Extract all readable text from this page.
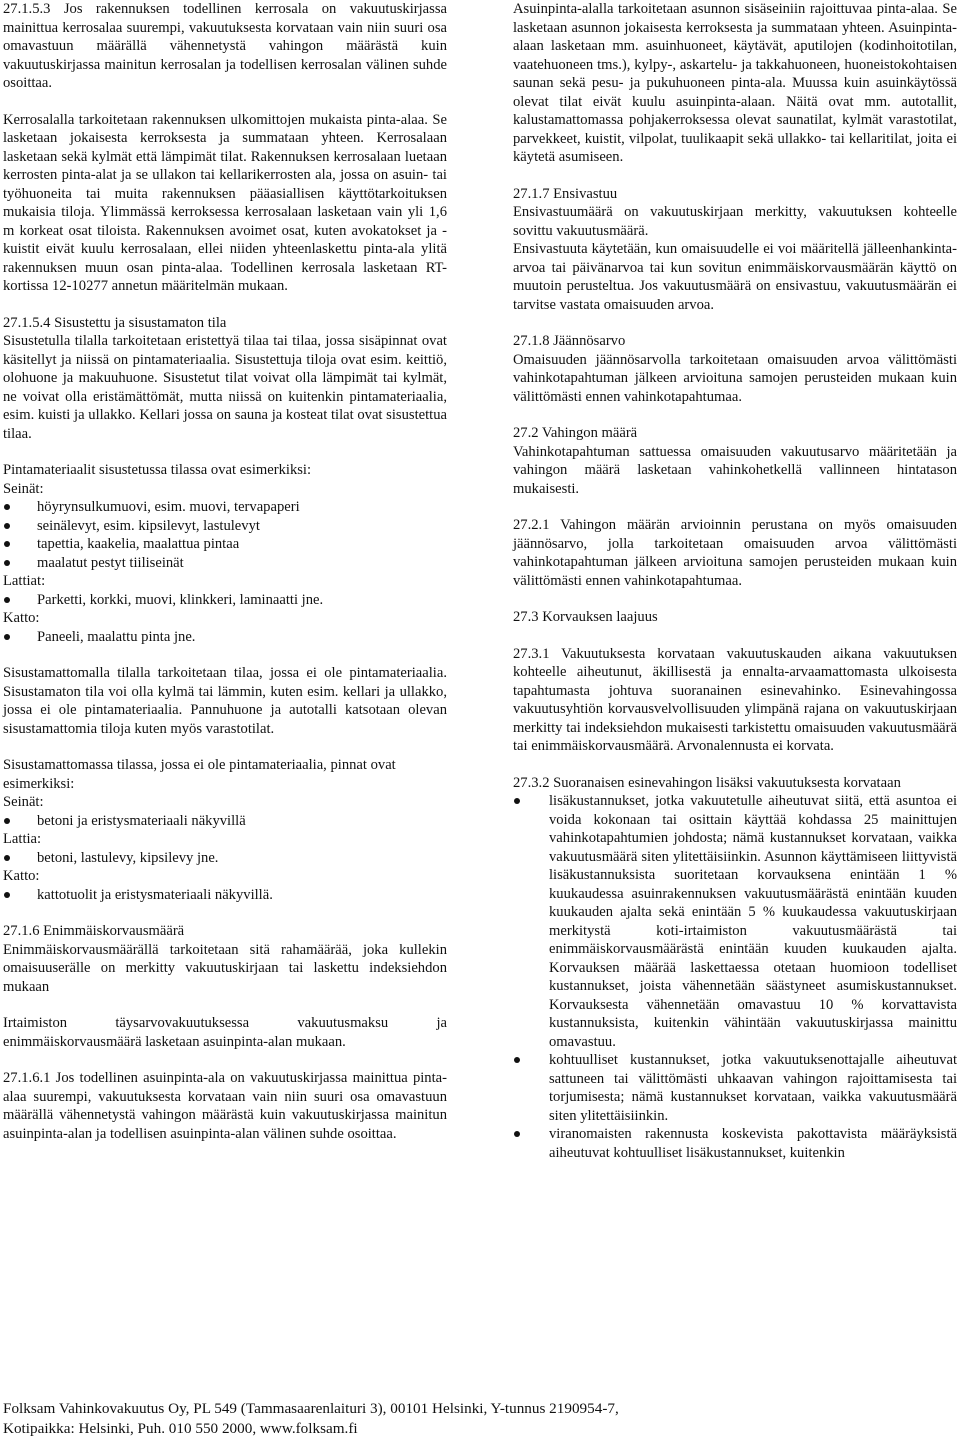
27.1.5.3 Jos rakennuksen todellinen kerrosala on vakuutuskirjassa mainittua kerrosalaa suurempi, vakuutuksesta korvataan vain niin suuri osa omavastuun määrällä vähennetystä vahingon määrästä kuin vakuutuskirjassa mainitun kerrosalan ja todellisen kerrosalan välinen suhde osoittaa.

Kerrosalalla tarkoitetaan rakennuksen ulkomittojen mukaista pinta-alaa. Se lasketaan jokaisesta kerroksesta ja summataan yhteen. Kerrosalaan lasketaan sekä kylmät että lämpimät tilat. Rakennuksen kerrosalaan luetaan kerrosten pinta-alat ja se ullakon tai kellarikerrosten ala, jossa on asuin- tai työhuoneita tai muita rakennuksen pääasiallisen käyttötarkoituksen mukaisia tiloja. Ylimmässä kerroksessa kerrosalaan lasketaan vain yli 1,6 m korkeat osat tiloista. Rakennuksen avoimet osat, kuten avokatokset ja -kuistit eivät kuulu kerrosalaan, ellei niiden yhteenlaskettu pinta-ala ylitä rakennuksen muun osan pinta-alaa. Todellinen kerrosala lasketaan RT-kortissa 12-10277 annetun määritelmän mukaan.

27.1.5.4 Sisustettu ja sisustamaton tila

Sisustetulla tilalla tarkoitetaan eristettyä tilaa tai tilaa, jossa sisäpinnat ovat käsitellyt ja niissä on pintamateriaalia. Sisustettuja tiloja ovat esim. keittiö, olohuone ja makuuhuone. Sisustetut tilat voivat olla lämpimät tai kylmät, ne voivat olla eristämättömät, mutta niissä on kuitenkin pintamateriaalia, esim. kuisti ja ullakko. Kellari jossa on sauna ja kosteat tilat ovat sisustettua tilaa.

Pintamateriaalit sisustetussa tilassa ovat esimerkiksi:
Seinät:
höyrynsulkumuovi, esim. muovi, tervapaperi
seinälevyt, esim. kipsilevyt, lastulevyt
tapettia, kaakelia, maalattua pintaa
maalatut pestyt tiiliseinät
Lattiat:
Parketti, korkki, muovi, klinkkeri, laminaatti jne.
Katto:
Paneeli, maalattu pinta jne.

Sisustamattomalla tilalla tarkoitetaan tilaa, jossa ei ole pintamateriaalia. Sisustamaton tila voi olla kylmä tai lämmin, kuten esim. kellari ja ullakko, jossa ei ole pintamateriaalia. Pannuhuone ja autotalli katsotaan olevan sisustamattomia tiloja kuten myös varastotilat.

Sisustamattomassa tilassa, jossa ei ole pintamateriaalia, pinnat ovat esimerkiksi:
Seinät:
betoni ja eristysmateriaali näkyvillä
Lattia:
betoni, lastulevy, kipsilevy jne.
Katto:
kattotuolit ja eristysmateriaali näkyvillä.
27.1.6 Enimmäiskorvausmäärä

Enimmäiskorvausmäärällä tarkoitetaan sitä rahamäärää, joka kullekin omaisuuserälle on merkitty vakuutuskirjaan tai laskettu indeksiehdon mukaan

Irtaimiston täysarvovakuutuksessa vakuutusmaksu ja enimmäiskorvausmäärä lasketaan asuinpinta-alan mukaan.

27.1.6.1 Jos todellinen asuinpinta-ala on vakuutuskirjassa mainittua pinta-alaa suurempi, vakuutuksesta korvataan vain niin suuri osa omavastuun määrällä vähennetystä vahingon määrästä kuin vakuutuskirjassa mainitun asuinpinta-alan ja todellisen asuinpinta-alan välinen suhde osoittaa.

Asuinpinta-alalla tarkoitetaan asunnon sisäseiniin rajoittuvaa pinta-alaa. Se lasketaan asunnon jokaisesta kerroksesta ja summataan yhteen. Asuinpinta-alaan lasketaan mm. asuinhuoneet, käytävät, aputilojen (kodinhoitotilan, vaatehuoneen tms.), kylpy-, askartelu- ja takkahuoneen, huoneistokohtaisen saunan sekä pesu- ja pukuhuoneen pinta-ala. Muussa kuin asuinkäytössä olevat tilat eivät kuulu asuinpinta-alaan. Näitä ovat mm. autotallit, kalustamattomassa pohjakerroksessa olevat saunatilat, kylmät varastotilat, parvekkeet, kuistit, vilpolat, tuulikaapit sekä ullakko- tai kellaritilat, joita ei käytetä asumiseen.

27.1.7 Ensivastuu

Ensivastuumäärä on vakuutuskirjaan merkitty, vakuutuksen kohteelle sovittu vakuutusmäärä.

Ensivastuuta käytetään, kun omaisuudelle ei voi määritellä jälleenhankinta-arvoa tai päivänarvoa tai kun sovitun enimmäiskorvausmäärän käyttö on muutoin perusteltua. Jos vakuutusmäärä on ensivastuu, vakuutusmäärän ei tarvitse vastata omaisuuden arvoa.

27.1.8 Jäännösarvo

Omaisuuden jäännösarvolla tarkoitetaan omaisuuden arvoa välittömästi vahinkotapahtuman jälkeen arvioituna samojen perusteiden mukaan kuin välittömästi ennen vahinkotapahtumaa.

27.2 Vahingon määrä

Vahinkotapahtuman sattuessa omaisuuden vakuutusarvo määritetään ja vahingon määrä lasketaan vahinkohetkellä vallinneen hintatason mukaisesti.

27.2.1 Vahingon määrän arvioinnin perustana on myös omaisuuden jäännösarvo, jolla tarkoitetaan omaisuuden arvoa välittömästi vahinkotapahtuman jälkeen arvioituna samojen perusteiden mukaan kuin välittömästi ennen vahinkotapahtumaa.

27.3 Korvauksen laajuus

27.3.1 Vakuutuksesta korvataan vakuutuskauden aikana vakuutuksen kohteelle aiheutunut, äkillisestä ja ennalta-arvaamattomasta ulkoisesta tapahtumasta johtuva suoranainen esinevahinko. Esinevahingossa vakuutusyhtiön korvausvelvollisuuden ylimpänä rajana on vakuutuskirjaan merkitty tai indeksiehdon mukaisesti tarkistettu omaisuuden vakuutusmäärä tai enimmäiskorvausmäärä. Arvonalennusta ei korvata.

27.3.2 Suoranaisen esinevahingon lisäksi vakuutuksesta korvataan

lisäkustannukset, jotka vakuutetulle aiheutuvat siitä, että asuntoa ei voida kokonaan tai osittain käyttää kohdassa 25 mainittujen vahinkotapahtumien johdosta; nämä kustannukset korvataan, vaikka vakuutusmäärä siten ylitettäisiinkin. Asunnon käyttämiseen liittyvistä lisäkustannuksista suoritetaan korvauksena enintään 1 % kuukaudessa asuinrakennuksen vakuutusmäärästä enintään kuuden kuukauden ajalta sekä enintään 5 % kuukaudessa vakuutuskirjaan merkitystä koti-irtaimiston vakuutusmäärästä tai enimmäiskorvausmäärästä enintään kuuden kuukauden ajalta. Korvauksen määrää laskettaessa otetaan huomioon todelliset kustannukset, joista vähennetään säästyneet asumiskustannukset. Korvauksesta vähennetään omavastuu 10 % korvattavista kustannuksista, kuitenkin vähintään vakuutuskirjassa mainittu omavastuu.
kohtuulliset kustannukset, jotka vakuutuksenottajalle aiheutuvat sattuneen tai välittömästi uhkaavan vahingon rajoittamisesta tai torjumisesta; nämä kustannukset korvataan, vaikka vakuutusmäärä siten ylitettäisiinkin.
viranomaisten rakennusta koskevista pakottavista määräyksistä aiheutuvat kohtuulliset lisäkustannukset, kuitenkin
Folksam Vahinkovakuutus Oy, PL 549 (Tammasaarenlaituri 3), 00101 Helsinki, Y-tunnus 2190954-7,
Kotipaikka: Helsinki, Puh. 010 550 2000, www.folksam.fi
